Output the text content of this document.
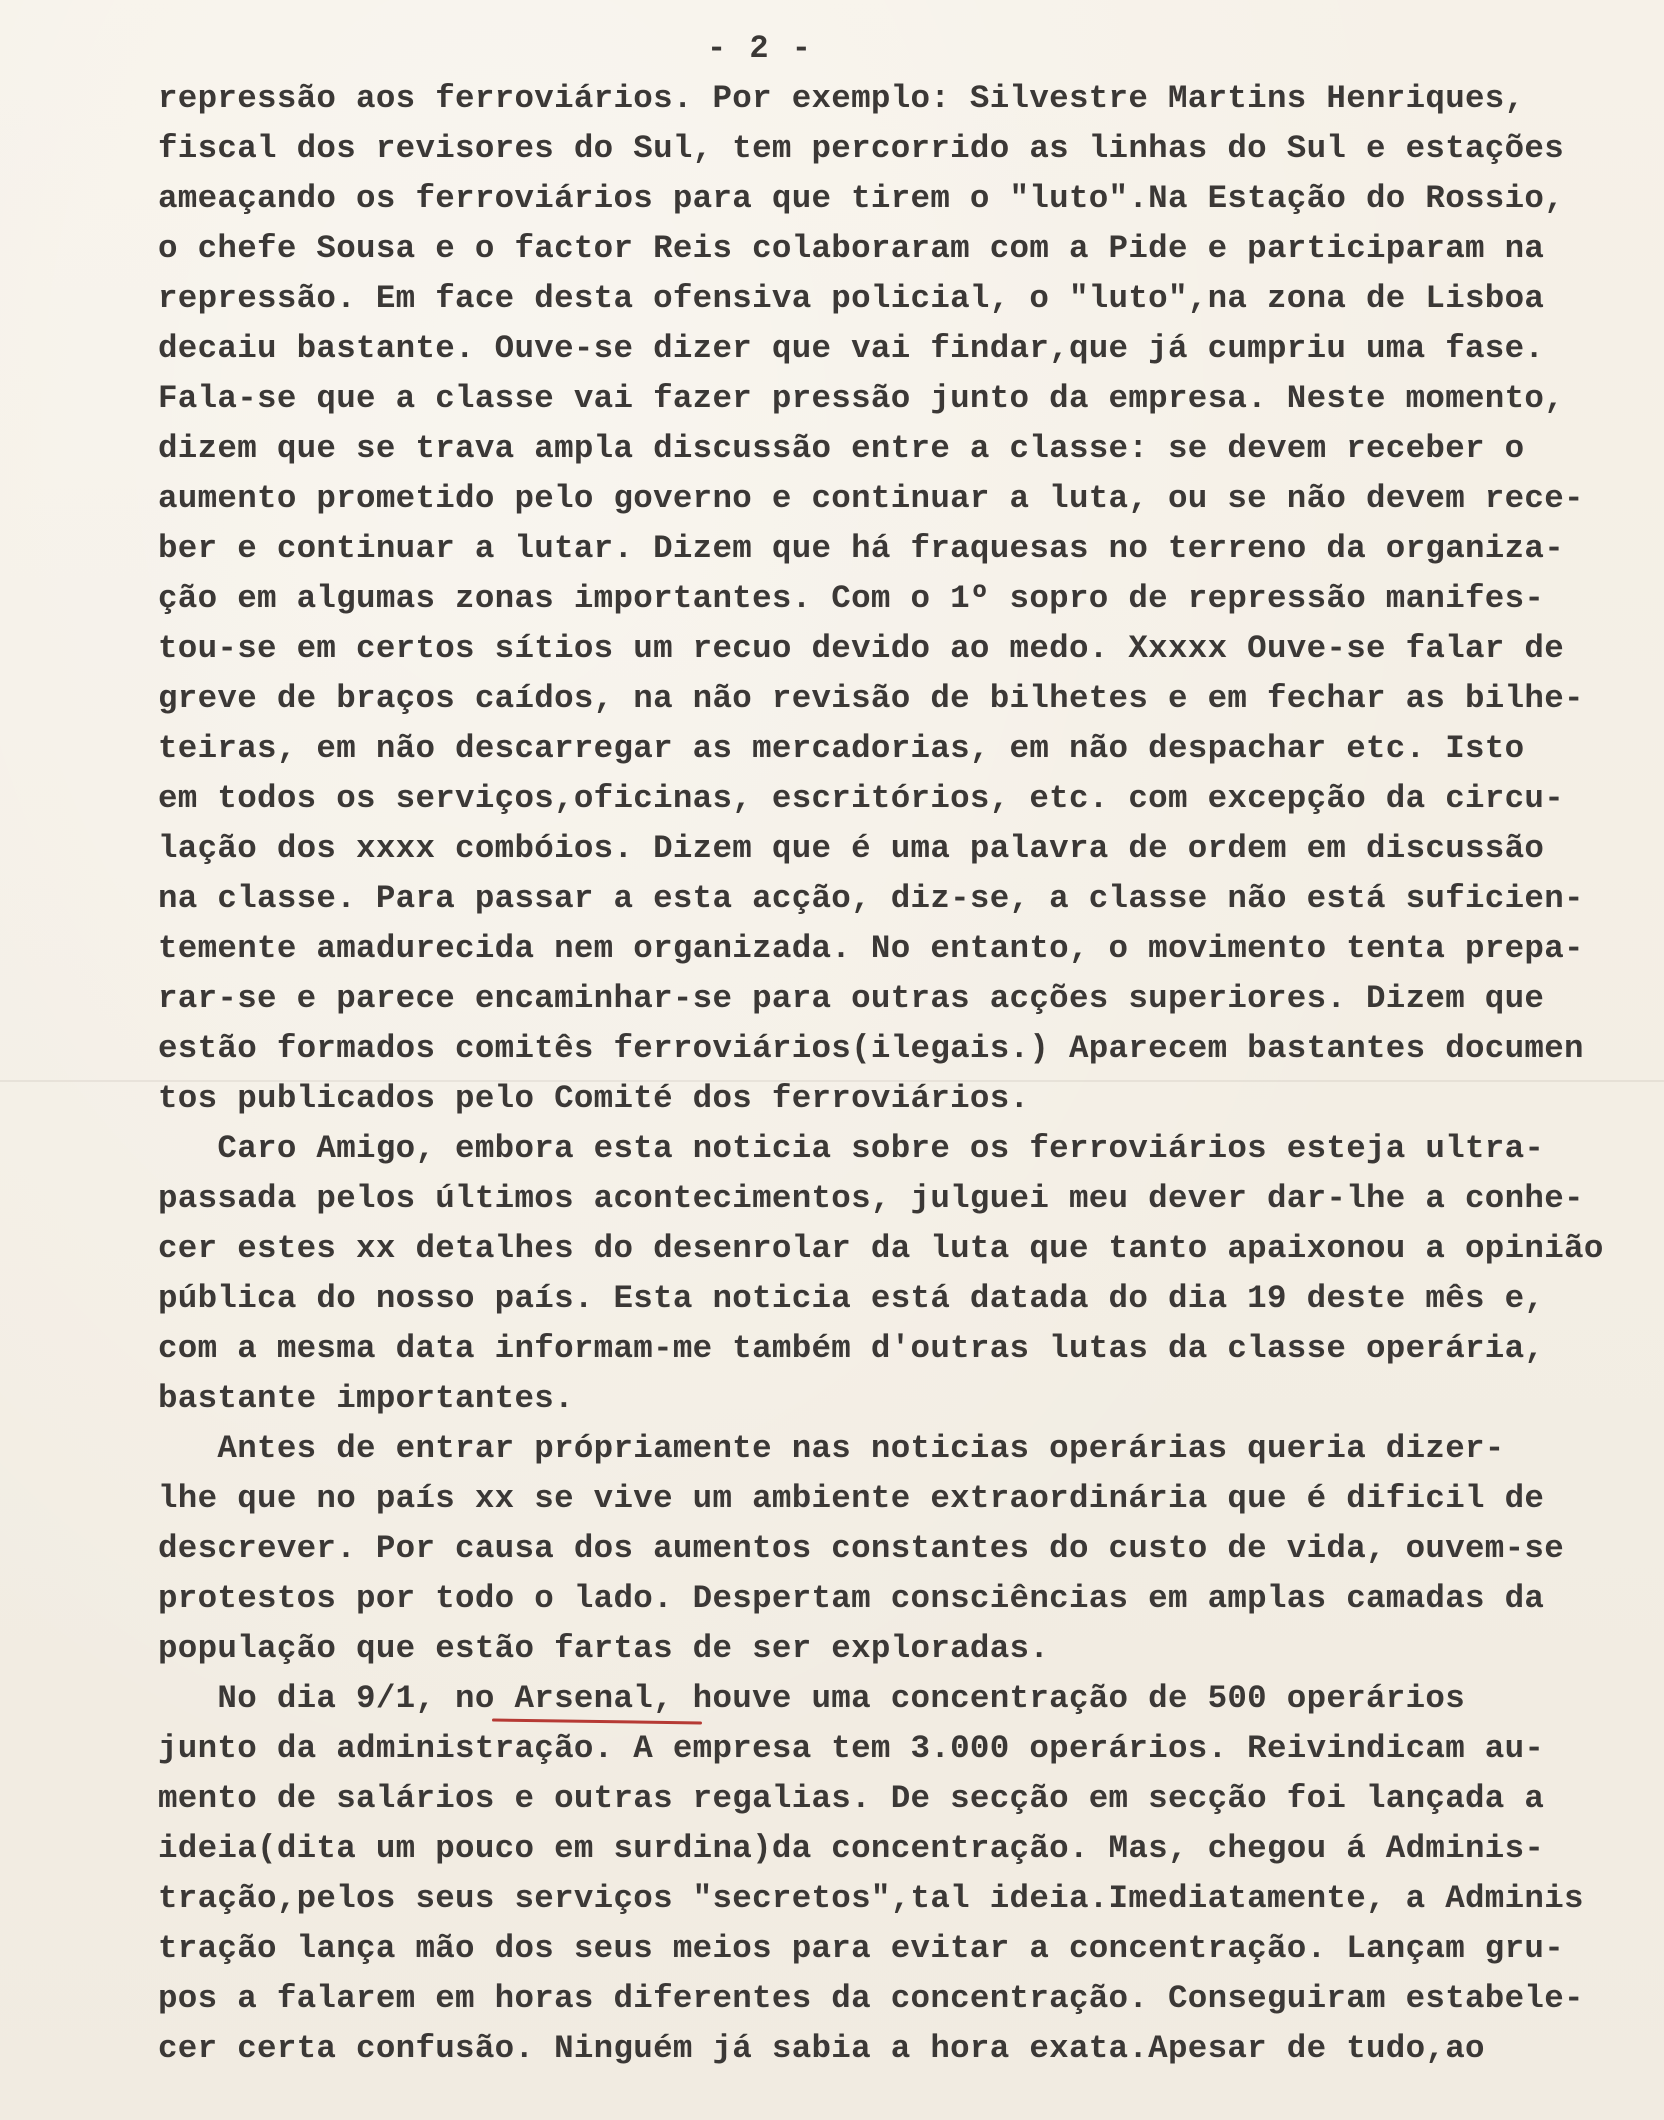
- 2 -
repressão aos ferroviários. Por exemplo: Silvestre Martins Henriques,
fiscal dos revisores do Sul, tem percorrido as linhas do Sul e estações
ameaçando os ferroviários para que tirem o "luto".Na Estação do Rossio,
o chefe Sousa e o factor Reis colaboraram com a Pide e participaram na
repressão. Em face desta ofensiva policial, o "luto",na zona de Lisboa
decaiu bastante. Ouve-se dizer que vai findar,que já cumpriu uma fase.
Fala-se que a classe vai fazer pressão junto da empresa. Neste momento,
dizem que se trava ampla discussão entre a classe: se devem receber o
aumento prometido pelo governo e continuar a luta, ou se não devem rece-
ber e continuar a lutar. Dizem que há fraquesas no terreno da organiza-
ção em algumas zonas importantes. Com o 1º sopro de repressão manifes-
tou-se em certos sítios um recuo devido ao medo. Xxxxx Ouve-se falar de
greve de braços caídos, na não revisão de bilhetes e em fechar as bilhe-
teiras, em não descarregar as mercadorias, em não despachar etc. Isto
em todos os serviços,oficinas, escritórios, etc. com excepção da circu-
lação dos xxxx combóios. Dizem que é uma palavra de ordem em discussão
na classe. Para passar a esta acção, diz-se, a classe não está suficien-
temente amadurecida nem organizada. No entanto, o movimento tenta prepa-
rar-se e parece encaminhar-se para outras acções superiores. Dizem que
estão formados comitês ferroviários(ilegais.) Aparecem bastantes documen
tos publicados pelo Comité dos ferroviários.
Caro Amigo, embora esta noticia sobre os ferroviários esteja ultra-
passada pelos últimos acontecimentos, julguei meu dever dar-lhe a conhe-
cer estes xx detalhes do desenrolar da luta que tanto apaixonou a opinião
pública do nosso país. Esta noticia está datada do dia 19 deste mês e,
com a mesma data informam-me também d'outras lutas da classe operária,
bastante importantes.
Antes de entrar própriamente nas noticias operárias queria dizer-
lhe que no país xx se vive um ambiente extraordinária que é dificil de
descrever. Por causa dos aumentos constantes do custo de vida, ouvem-se
protestos por todo o lado. Despertam consciências em amplas camadas da
população que estão fartas de ser exploradas.
No dia 9/1, no Arsenal, houve uma concentração de 500 operários
junto da administração. A empresa tem 3.000 operários. Reivindicam au-
mento de salários e outras regalias. De secção em secção foi lançada a
ideia(dita um pouco em surdina)da concentração. Mas, chegou á Adminis-
tração,pelos seus serviços "secretos",tal ideia.Imediatamente, a Adminis
tração lança mão dos seus meios para evitar a concentração. Lançam gru-
pos a falarem em horas diferentes da concentração. Conseguiram estabele-
cer certa confusão. Ninguém já sabia a hora exata.Apesar de tudo,ao
